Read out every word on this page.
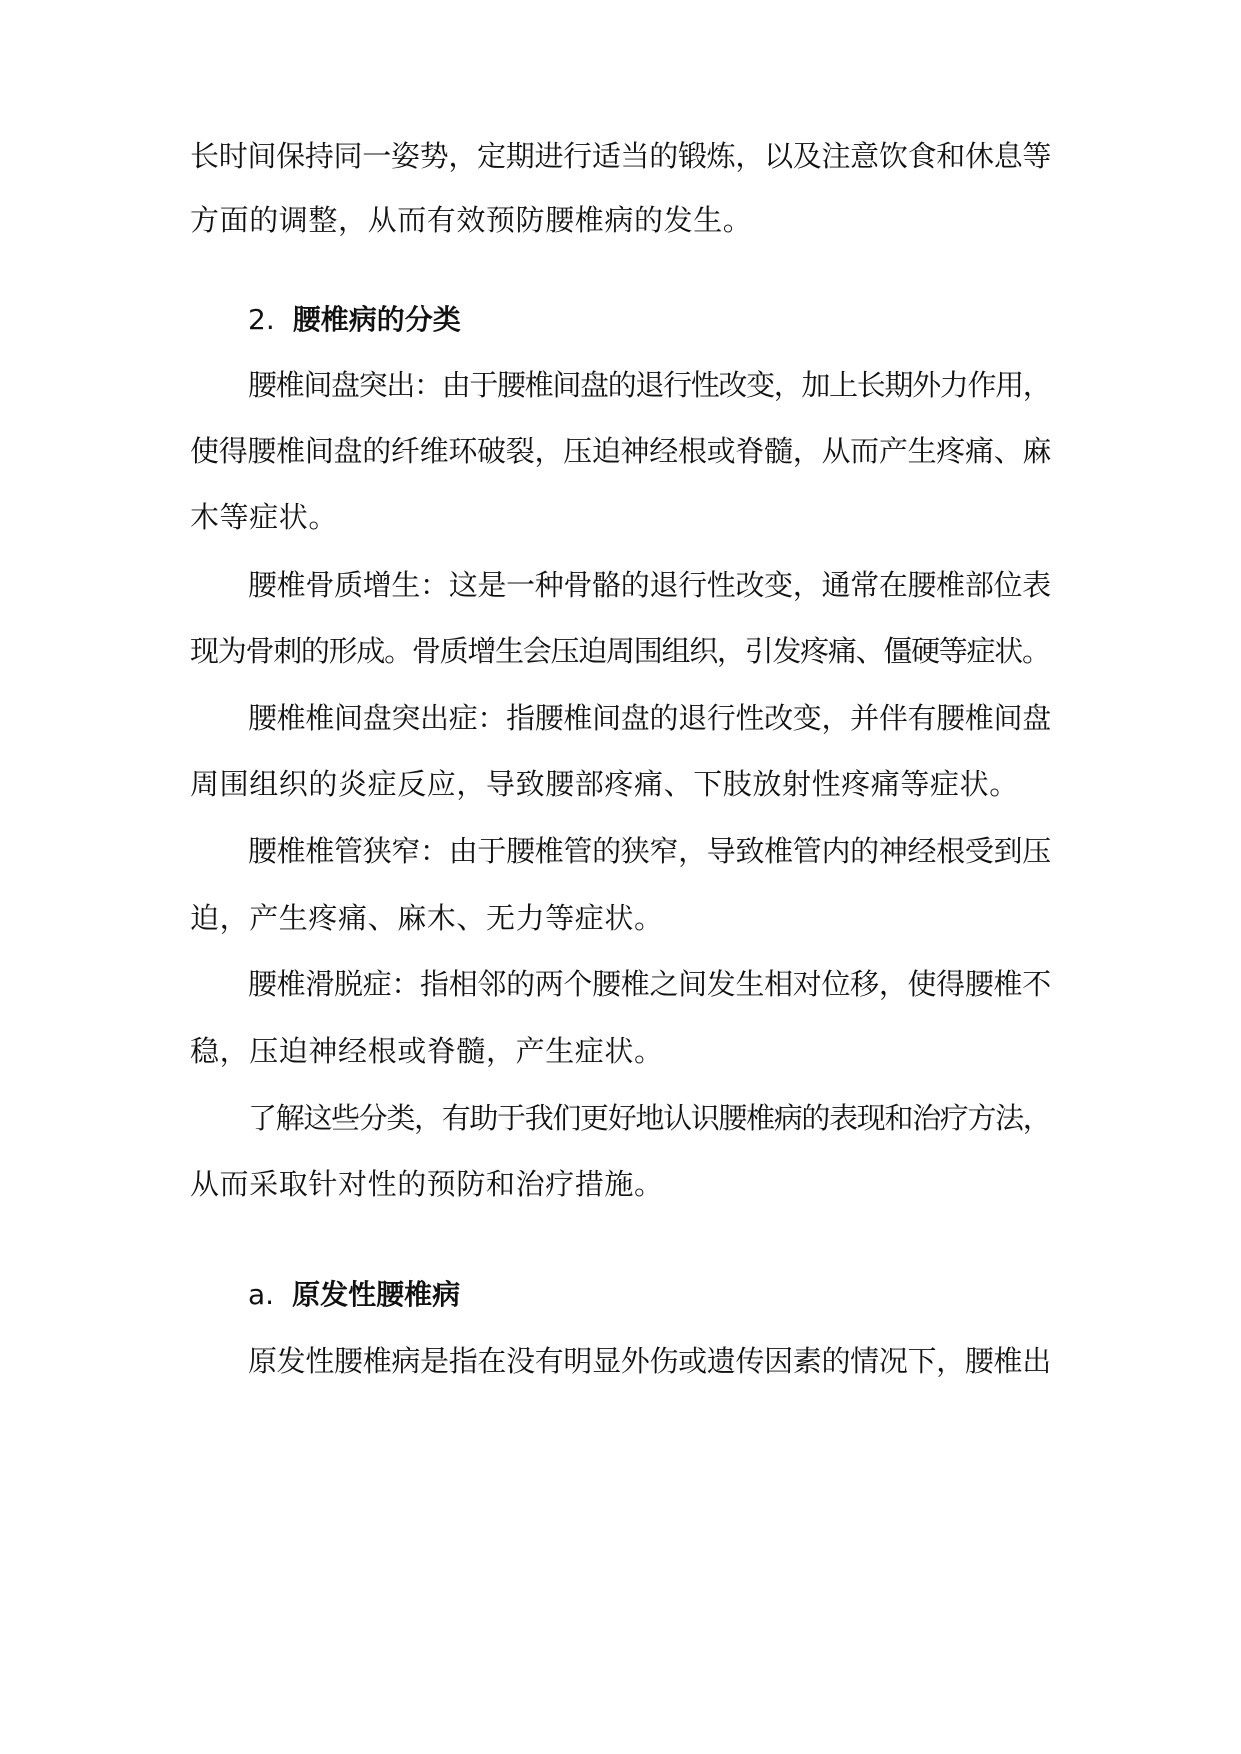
长时间保持同一姿势，定期进行适当的锻炼，以及注意饮食和休息等
方面的调整，从而有效预防腰椎病的发生。
2. 腰椎病的分类
腰椎间盘突出：由于腰椎间盘的退行性改变，加上长期外力作用，
使得腰椎间盘的纤维环破裂，压迫神经根或脊髓，从而产生疼痛、麻
木等症状。
腰椎骨质增生：这是一种骨骼的退行性改变，通常在腰椎部位表
现为骨刺的形成。骨质增生会压迫周围组织，引发疼痛、僵硬等症状。
腰椎椎间盘突出症：指腰椎间盘的退行性改变，并伴有腰椎间盘
周围组织的炎症反应，导致腰部疼痛、下肢放射性疼痛等症状。
腰椎椎管狭窄：由于腰椎管的狭窄，导致椎管内的神经根受到压
迫，产生疼痛、麻木、无力等症状。
腰椎滑脱症：指相邻的两个腰椎之间发生相对位移，使得腰椎不
稳，压迫神经根或脊髓，产生症状。
了解这些分类，有助于我们更好地认识腰椎病的表现和治疗方法，
从而采取针对性的预防和治疗措施。
a. 原发性腰椎病
原发性腰椎病是指在没有明显外伤或遗传因素的情况下，腰椎出
